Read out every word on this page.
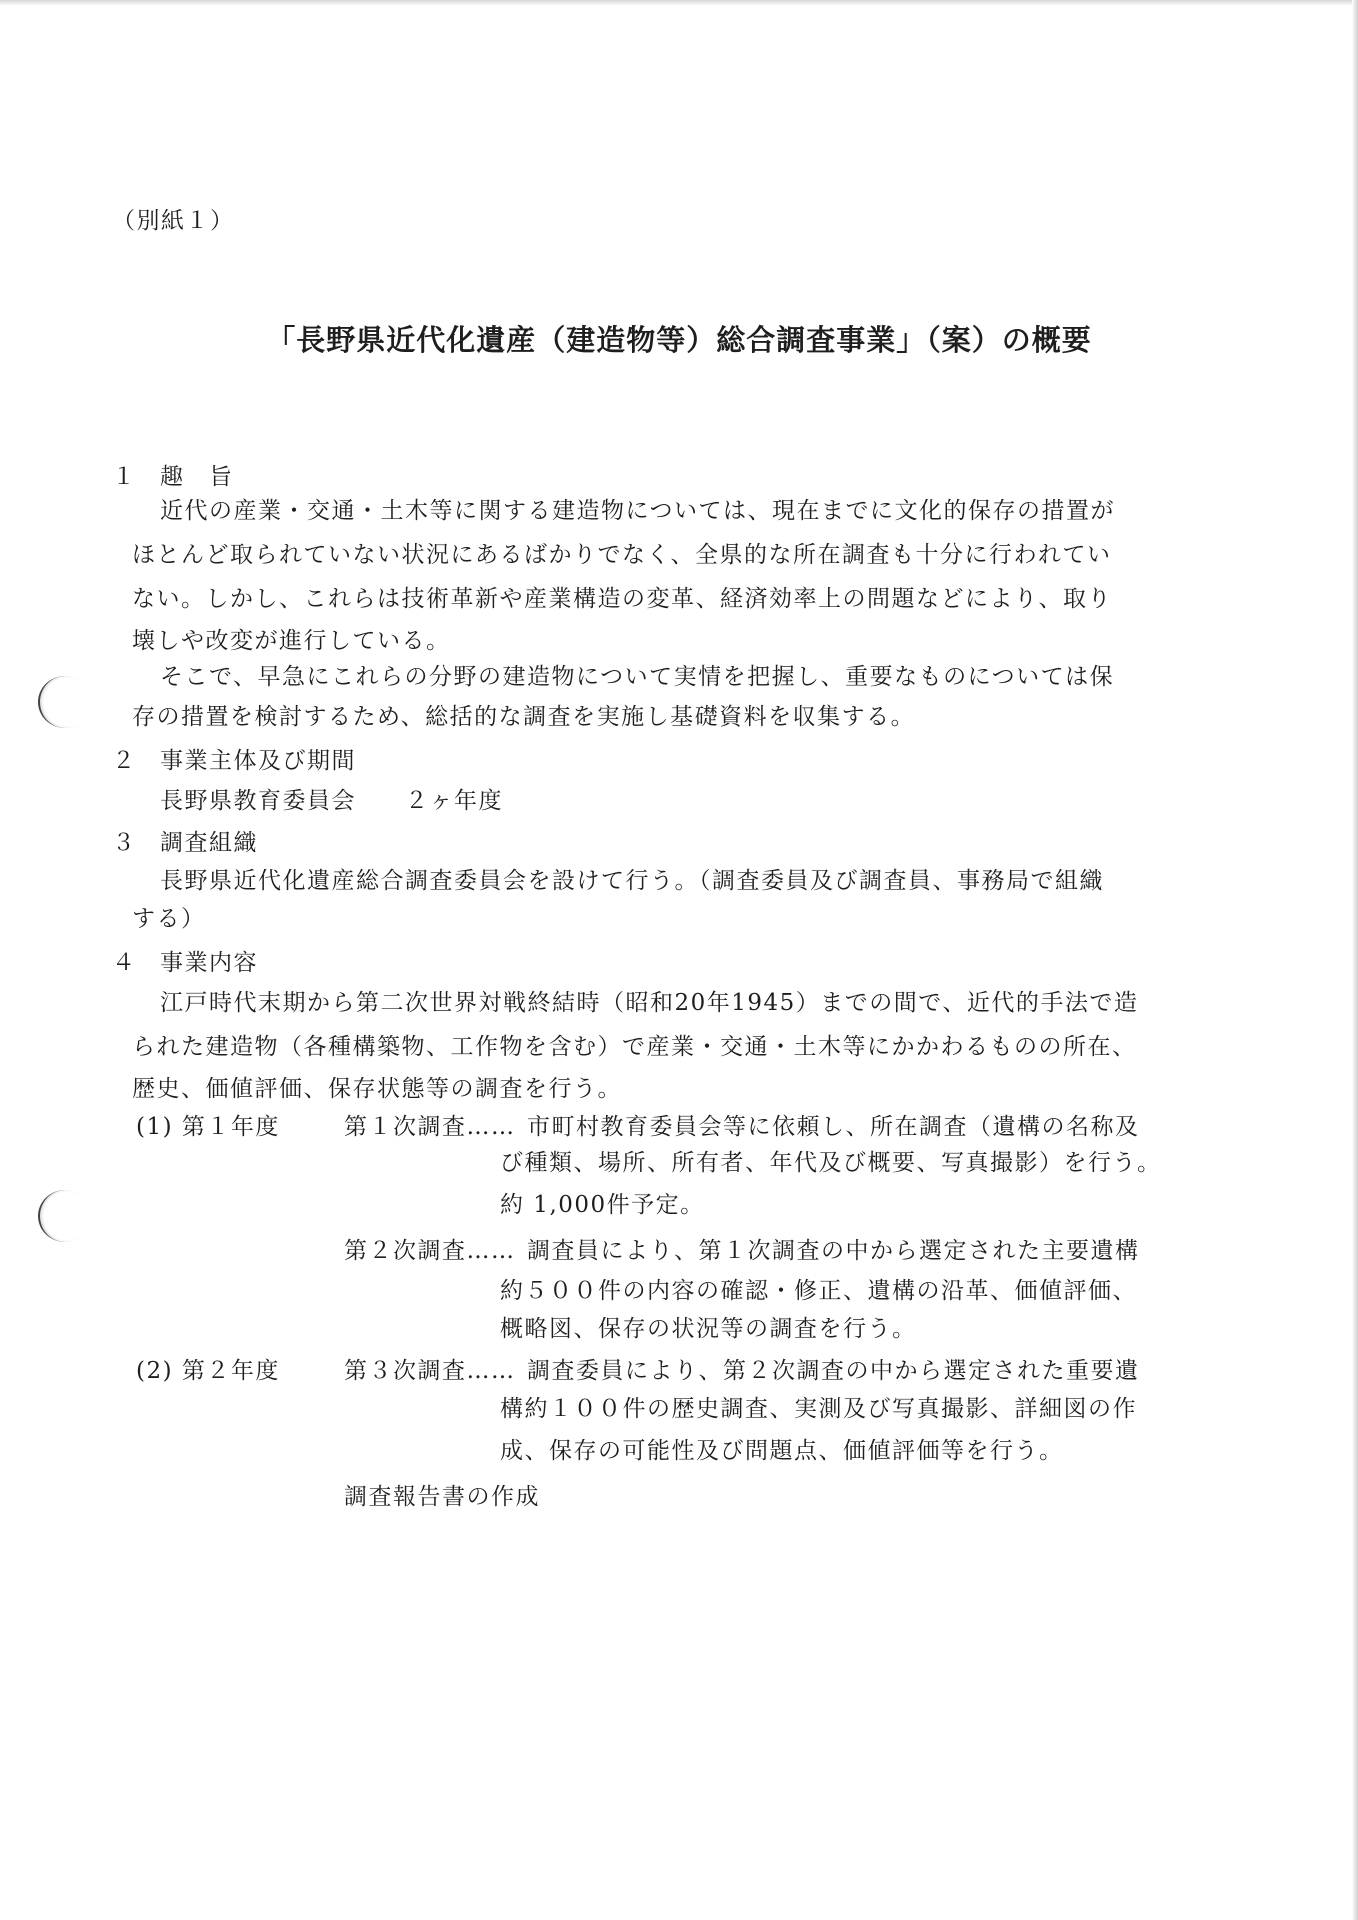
（別紙１）
「長野県近代化遺産（建造物等）総合調査事業」（案）の概要
１ 趣　旨
近代の産業・交通・土木等に関する建造物については、現在までに文化的保存の措置が
ほとんど取られていない状況にあるばかりでなく、全県的な所在調査も十分に行われてい
ない。しかし、これらは技術革新や産業構造の変革、経済効率上の問題などにより、取り
壊しや改変が進行している。
そこで、早急にこれらの分野の建造物について実情を把握し、重要なものについては保
存の措置を検討するため、総括的な調査を実施し基礎資料を収集する。
２ 事業主体及び期間
長野県教育委員会　　２ヶ年度
３ 調査組織
長野県近代化遺産総合調査委員会を設けて行う。（調査委員及び調査員、事務局で組織
する）
４ 事業内容
江戸時代末期から第二次世界対戦終結時（昭和20年1945）までの間で、近代的手法で造
られた建造物（各種構築物、工作物を含む）で産業・交通・土木等にかかわるものの所在、
歴史、価値評価、保存状態等の調査を行う。
(1) 第１年度	第１次調査…… 市町村教育委員会等に依頼し、所在調査（遺構の名称及
び種類、場所、所有者、年代及び概要、写真撮影）を行う。
約 1,000件予定。
第２次調査…… 調査員により、第１次調査の中から選定された主要遺構
約５００件の内容の確認・修正、遺構の沿革、価値評価、
概略図、保存の状況等の調査を行う。
(2) 第２年度	第３次調査…… 調査委員により、第２次調査の中から選定された重要遺
構約１００件の歴史調査、実測及び写真撮影、詳細図の作
成、保存の可能性及び問題点、価値評価等を行う。
調査報告書の作成
